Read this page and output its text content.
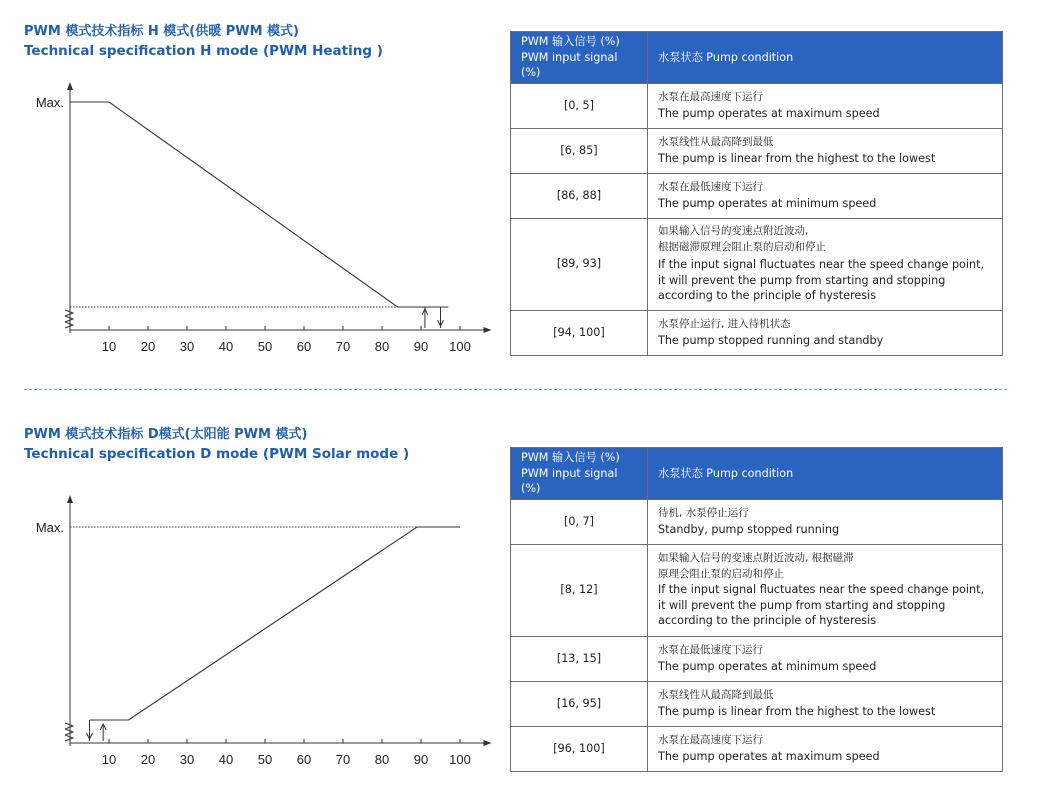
PWM 模式技术指标 H 模式(供暖 PWM 模式)
Technical specification H mode (PWM Heating )
10 20 30 40 50 60 70 80 90 100
Max.
PWM 输入信号 (%)
PWM input signal (%)	水泵状态 Pump condition
[0, 5]	水泵在最高速度下运行
The pump operates at maximum speed

[6, 85]	水泵线性从最高降到最低
The pump is linear from the highest to the lowest

[86, 88]	水泵在最低速度下运行
The pump operates at minimum speed

[89, 93]	如果输入信号的变速点附近波动,
根据磁滞原理会阻止泵的启动和停止
If the input signal fluctuates near the speed change point,
it will prevent the pump from starting and stopping
according to the principle of hysteresis

[94, 100]	水泵停止运行, 进入待机状态
The pump stopped running and standby
PWM 模式技术指标 D模式(太阳能 PWM 模式)
Technical specification D mode (PWM Solar mode )
10 20 30 40 50 60 70 80 90 100
Max.
PWM 输入信号 (%)
PWM input signal (%)	水泵状态 Pump condition
[0, 7]	待机, 水泵停止运行
Standby, pump stopped running

[8, 12]	如果输入信号的变速点附近波动, 根据磁滞
原理会阻止泵的启动和停止
If the input signal fluctuates near the speed change point,
it will prevent the pump from starting and stopping
according to the principle of hysteresis

[13, 15]	水泵在最低速度下运行
The pump operates at minimum speed

[16, 95]	水泵线性从最高降到最低
The pump is linear from the highest to the lowest

[96, 100]	水泵在最高速度下运行
The pump operates at maximum speed
